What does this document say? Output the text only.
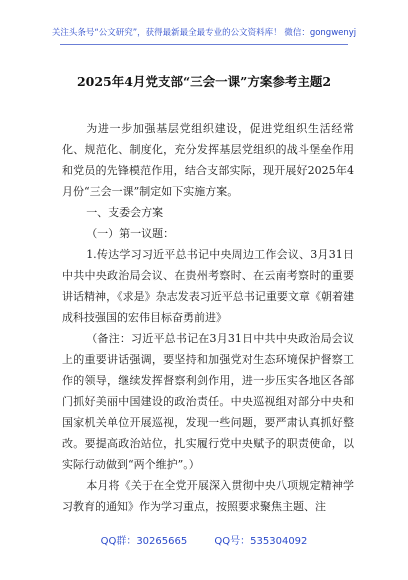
关注头条号“公文研究”，获得最新最全最专业的公文资料库！ 微信：gongwenyj
2025年4月党支部“三会一课”方案参考主题2

为进一步加强基层党组织建设，促进党组织生活经常化、规范化、制度化，充分发挥基层党组织的战斗堡垒作用和党员的先锋模范作用，结合支部实际，现开展好2025年4月份“三会一课”制定如下实施方案。

一、支委会方案

（一）第一议题：

1.传达学习习近平总书记中央周边工作会议、3月31日中共中央政治局会议、在贵州考察时、在云南考察时的重要讲话精神，《求是》杂志发表习近平总书记重要文章《朝着建成科技强国的宏伟目标奋勇前进》

（备注：习近平总书记在3月31日中共中央政治局会议上的重要讲话强调，要坚持和加强党对生态环境保护督察工作的领导，继续发挥督察利剑作用，进一步压实各地区各部门抓好美丽中国建设的政治责任。中央巡视组对部分中央和国家机关单位开展巡视，发现一些问题，要严肃认真抓好整改。要提高政治站位，扎实履行党中央赋予的职责使命，以实际行动做到“两个维护”。）

本月将《关于在全党开展深入贯彻中央八项规定精神学习教育的通知》作为学习重点，按照要求聚焦主题、注

QQ群：30265665	QQ号：535304092
